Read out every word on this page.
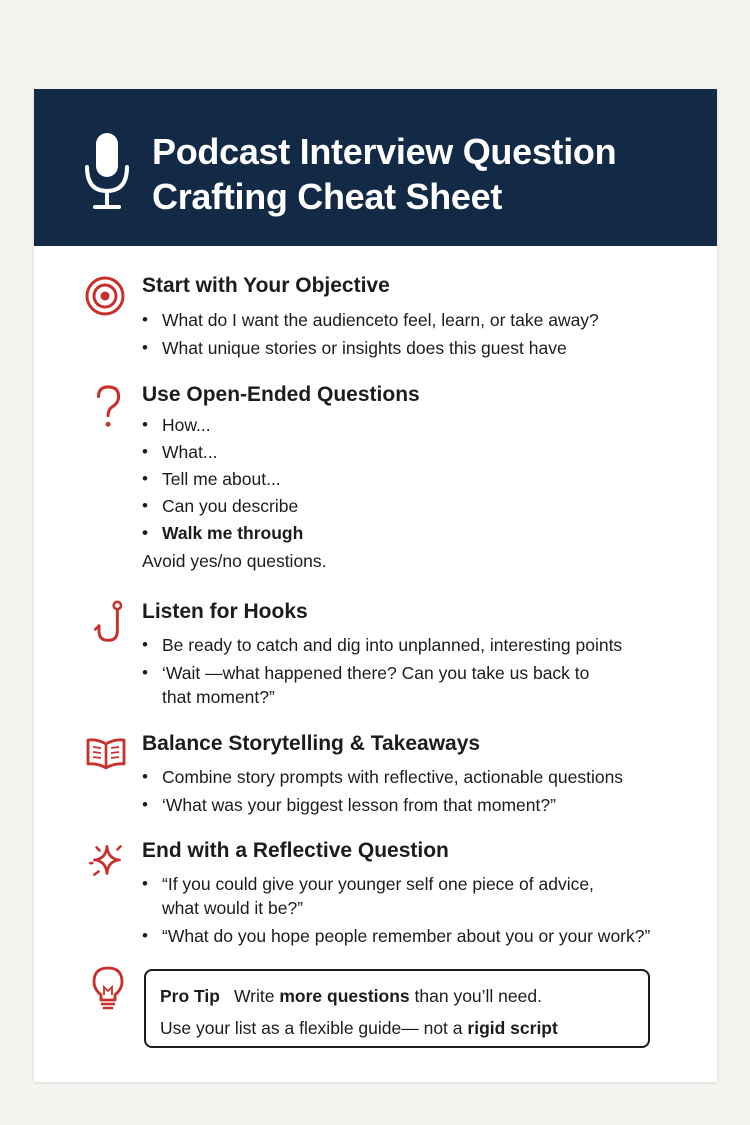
Podcast Interview Question
Crafting Cheat Sheet
Start with Your Objective
• What do I want the audienceto feel, learn, or take away?
• What unique stories or insights does this guest have
Use Open-Ended Questions
• How...
• What...
• Tell me about...
• Can you describe
• Walk me through
Avoid yes/no questions.
Listen for Hooks
• Be ready to catch and dig into unplanned, interesting points
• ‘Wait —what happened there? Can you take us back to
that moment?”
Balance Storytelling & Takeaways
• Combine story prompts with reflective, actionable questions
• ‘What was your biggest lesson from that moment?”
End with a Reflective Question
• “If you could give your younger self one piece of advice,
what would it be?”
• “What do you hope people remember about you or your work?”
Pro Tip Write more questions than you’ll need.
Use your list as a flexible guide— not a rigid script
